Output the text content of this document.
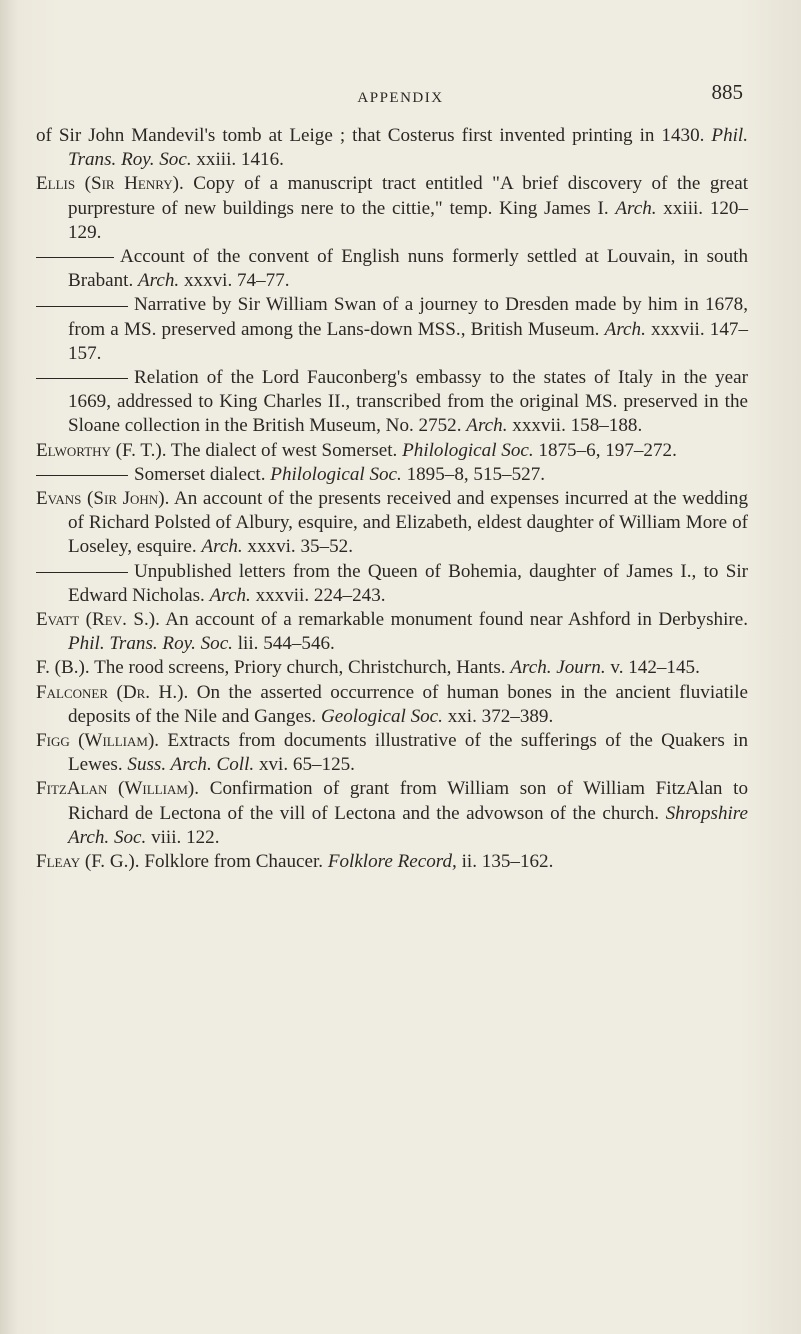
APPENDIX	885

of Sir John Mandevil's tomb at Leige ; that Costerus first invented printing in 1430. Phil. Trans. Roy. Soc. xxiii. 1416.

Ellis (Sir Henry). Copy of a manuscript tract entitled "A brief discovery of the great purpresture of new buildings nere to the cittie," temp. King James I. Arch. xxiii. 120–129.

Account of the convent of English nuns formerly settled at Louvain, in south Brabant. Arch. xxxvi. 74–77.

Narrative by Sir William Swan of a journey to Dresden made by him in 1678, from a MS. preserved among the Lans-down MSS., British Museum. Arch. xxxvii. 147–157.

Relation of the Lord Fauconberg's embassy to the states of Italy in the year 1669, addressed to King Charles II., transcribed from the original MS. preserved in the Sloane collection in the British Museum, No. 2752. Arch. xxxvii. 158–188.

Elworthy (F. T.). The dialect of west Somerset. Philological Soc. 1875–6, 197–272.

Somerset dialect. Philological Soc. 1895–8, 515–527.

Evans (Sir John). An account of the presents received and expenses incurred at the wedding of Richard Polsted of Albury, esquire, and Elizabeth, eldest daughter of William More of Loseley, esquire. Arch. xxxvi. 35–52.

Unpublished letters from the Queen of Bohemia, daughter of James I., to Sir Edward Nicholas. Arch. xxxvii. 224–243.

Evatt (Rev. S.). An account of a remarkable monument found near Ashford in Derbyshire. Phil. Trans. Roy. Soc. lii. 544–546.

F. (B.). The rood screens, Priory church, Christchurch, Hants. Arch. Journ. v. 142–145.

Falconer (Dr. H.). On the asserted occurrence of human bones in the ancient fluviatile deposits of the Nile and Ganges. Geological Soc. xxi. 372–389.

Figg (William). Extracts from documents illustrative of the sufferings of the Quakers in Lewes. Suss. Arch. Coll. xvi. 65–125.

FitzAlan (William). Confirmation of grant from William son of William FitzAlan to Richard de Lectona of the vill of Lectona and the advowson of the church. Shropshire Arch. Soc. viii. 122.

Fleay (F. G.). Folklore from Chaucer. Folklore Record, ii. 135–162.
